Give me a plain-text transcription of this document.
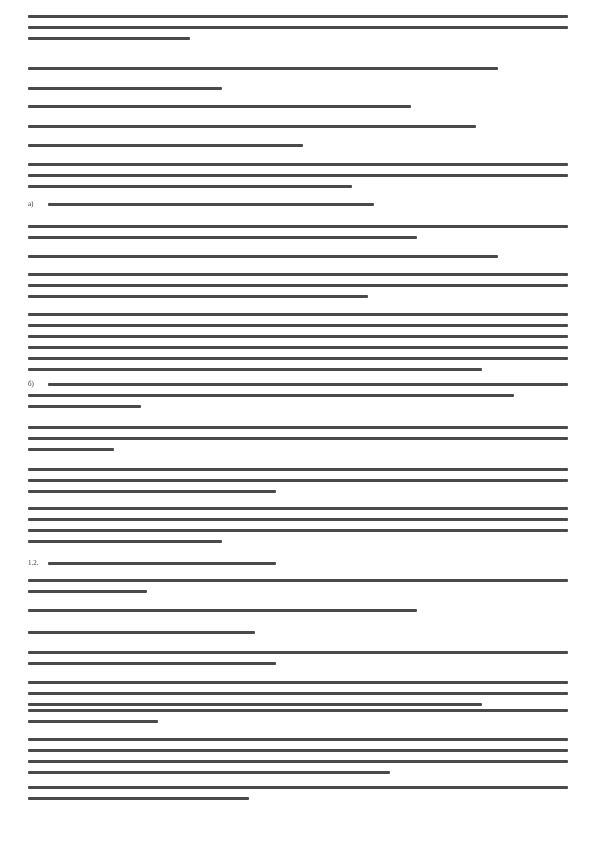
а)
б)
1.2.
